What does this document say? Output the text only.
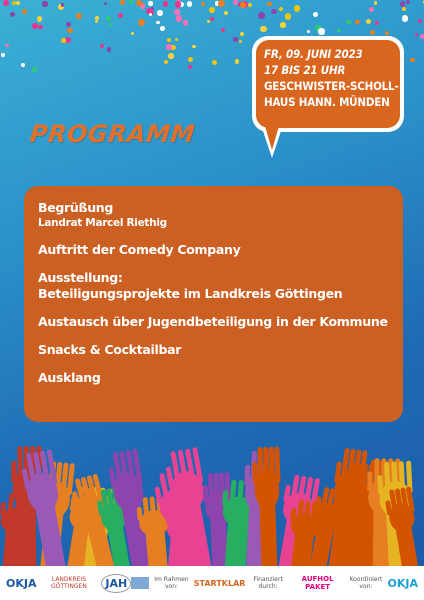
FR, 09. JUNI 2023
17 BIS 21 UHR
GESCHWISTER-SCHOLL-
HAUS HANN. MÜNDEN
PROGRAMM
Begrüßung
Landrat Marcel Riethig
Auftritt der Comedy Company
Ausstellung:
Beteiligungsprojekte im Landkreis Göttingen
Austausch über Jugendbeteiligung in der Kommune
Snacks & Cocktailbar
Ausklang
OKJA	LANDKREIS GÖTTINGEN	JAH	Im Rahmen von:	STARTKLAR	Finanziert durch:
AUFHOL PAKET
Koordiniert von:	OKJA
